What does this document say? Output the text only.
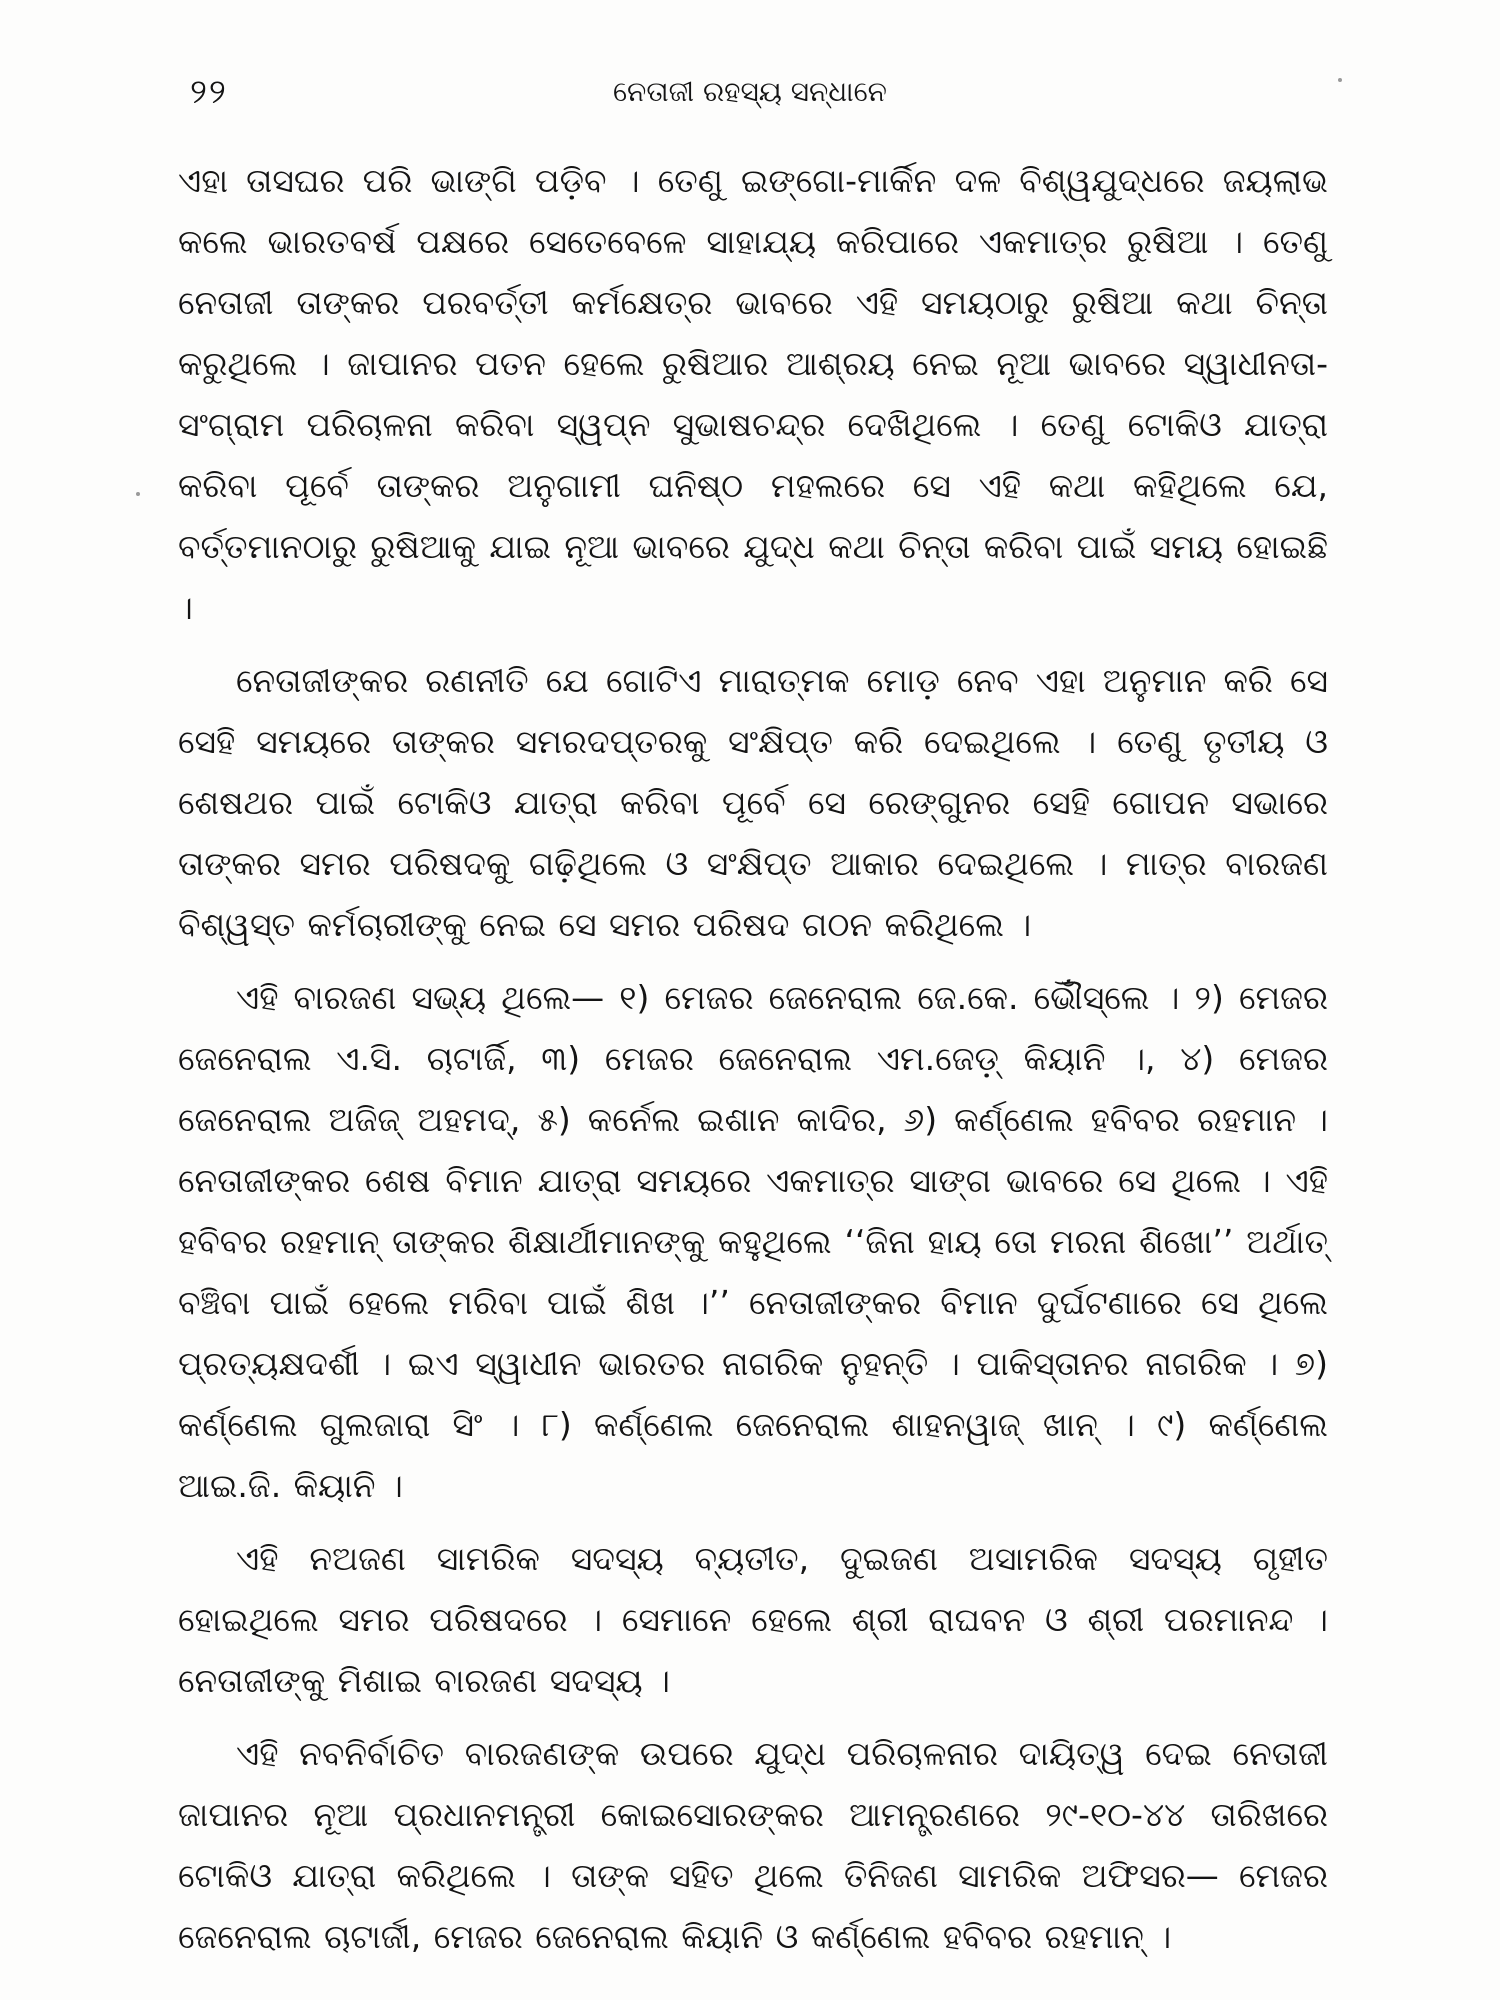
୨୨	ନେତାଜୀ ରହସ୍ୟ ସନ୍ଧାନେ

ଏହା ତାସଘର ପରି ଭାଙ୍ଗି ପଡ଼ିବ । ତେଣୁ ଇଙ୍ଗୋ-ମାର୍କିନ ଦଳ ବିଶ୍ୱଯୁଦ୍ଧରେ ଜୟଲାଭ କଲେ ଭାରତବର୍ଷ ପକ୍ଷରେ ସେତେବେଳେ ସାହାଯ୍ୟ କରିପାରେ ଏକମାତ୍ର ରୁଷିଆ । ତେଣୁ ନେତାଜୀ ତାଙ୍କର ପରବର୍ତ୍ତୀ କର୍ମକ୍ଷେତ୍ର ଭାବରେ ଏହି ସମୟଠାରୁ ରୁଷିଆ କଥା ଚିନ୍ତା କରୁଥିଲେ । ଜାପାନର ପତନ ହେଲେ ରୁଷିଆର ଆଶ୍ରୟ ନେଇ ନୂଆ ଭାବରେ ସ୍ୱାଧୀନତା-ସଂଗ୍ରାମ ପରିଚାଳନା କରିବା ସ୍ୱପ୍ନ ସୁଭାଷଚନ୍ଦ୍ର ଦେଖିଥିଲେ । ତେଣୁ ଟୋକିଓ ଯାତ୍ରା କରିବା ପୂର୍ବେ ତାଙ୍କର ଅନୁଗାମୀ ଘନିଷ୍ଠ ମହଲରେ ସେ ଏହି କଥା କହିଥିଲେ ଯେ, ବର୍ତ୍ତମାନଠାରୁ ରୁଷିଆକୁ ଯାଇ ନୂଆ ଭାବରେ ଯୁଦ୍ଧ କଥା ଚିନ୍ତା କରିବା ପାଇଁ ସମୟ ହୋଇଛି ।

ନେତାଜୀଙ୍କର ରଣନୀତି ଯେ ଗୋଟିଏ ମାରାତ୍ମକ ମୋଡ଼ ନେବ ଏହା ଅନୁମାନ କରି ସେ ସେହି ସମୟରେ ତାଙ୍କର ସମରଦପ୍ତରକୁ ସଂକ୍ଷିପ୍ତ କରି ଦେଇଥିଲେ । ତେଣୁ ତୃତୀୟ ଓ ଶେଷଥର ପାଇଁ ଟୋକିଓ ଯାତ୍ରା କରିବା ପୂର୍ବେ ସେ ରେଙ୍ଗୁନର ସେହି ଗୋପନ ସଭାରେ ତାଙ୍କର ସମର ପରିଷଦକୁ ଗଢ଼ିଥିଲେ ଓ ସଂକ୍ଷିପ୍ତ ଆକାର ଦେଇଥିଲେ । ମାତ୍ର ବାରଜଣ ବିଶ୍ୱସ୍ତ କର୍ମଚାରୀଙ୍କୁ ନେଇ ସେ ସମର ପରିଷଦ ଗଠନ କରିଥିଲେ ।

ଏହି ବାରଜଣ ସଭ୍ୟ ଥିଲେ— ୧) ମେଜର ଜେନେରାଲ ଜେ.କେ. ଭୌଁସ୍‌ଲେ । ୨) ମେଜର ଜେନେରାଲ ଏ.ସି. ଚାଟାର୍ଜି, ୩) ମେଜର ଜେନେରାଲ ଏମ.ଜେଡ଼୍ କିୟାନି ।, ୪) ମେଜର ଜେନେରାଲ ଅଜିଜ୍ ଅହମଦ୍, ୫) କର୍ନେଲ ଇଶାନ କାଦିର, ୬) କର୍ଣ୍ଣେଲ ହବିବର ରହମାନ । ନେତାଜୀଙ୍କର ଶେଷ ବିମାନ ଯାତ୍ରା ସମୟରେ ଏକମାତ୍ର ସାଙ୍ଗ ଭାବରେ ସେ ଥିଲେ । ଏହି ହବିବର ରହମାନ୍ ତାଙ୍କର ଶିକ୍ଷାର୍ଥୀମାନଙ୍କୁ କହୁଥିଲେ ‘‘ଜିନା ହାୟ ତୋ ମରନା ଶିଖୋ’’ ଅର୍ଥାତ୍ ବଞ୍ଚିବା ପାଇଁ ହେଲେ ମରିବା ପାଇଁ ଶିଖ ।’’ ନେତାଜୀଙ୍କର ବିମାନ ଦୁର୍ଘଟଣାରେ ସେ ଥିଲେ ପ୍ରତ୍ୟକ୍ଷଦର୍ଶୀ । ଇଏ ସ୍ୱାଧୀନ ଭାରତର ନାଗରିକ ନୁହନ୍ତି । ପାକିସ୍ତାନର ନାଗରିକ । ୭) କର୍ଣ୍ଣେଲ ଗୁଲଜାରା ସିଂ । ୮) କର୍ଣ୍ଣେଲ ଜେନେରାଲ ଶାହନୱାଜ୍ ଖାନ୍ । ୯) କର୍ଣ୍ଣେଲ ଆଇ.ଜି. କିୟାନି ।

ଏହି ନଅଜଣ ସାମରିକ ସଦସ୍ୟ ବ୍ୟତୀତ, ଦୁଇଜଣ ଅସାମରିକ ସଦସ୍ୟ ଗୃହୀତ ହୋଇଥିଲେ ସମର ପରିଷଦରେ । ସେମାନେ ହେଲେ ଶ୍ରୀ ରାଘବନ ଓ ଶ୍ରୀ ପରମାନନ୍ଦ । ନେତାଜୀଙ୍କୁ ମିଶାଇ ବାରଜଣ ସଦସ୍ୟ ।

ଏହି ନବନିର୍ବାଚିତ ବାରଜଣଙ୍କ ଉପରେ ଯୁଦ୍ଧ ପରିଚାଳନାର ଦାୟିତ୍ୱ ଦେଇ ନେତାଜୀ ଜାପାନର ନୂଆ ପ୍ରଧାନମନ୍ତ୍ରୀ କୋଇସୋରଙ୍କର ଆମନ୍ତ୍ରଣରେ ୨୯-୧୦-୪୪ ତାରିଖରେ ଟୋକିଓ ଯାତ୍ରା କରିଥିଲେ । ତାଙ୍କ ସହିତ ଥିଲେ ତିନିଜଣ ସାମରିକ ଅଫିସର— ମେଜର ଜେନେରାଲ ଚାଟାର୍ଜୀ, ମେଜର ଜେନେରାଲ କିୟାନି ଓ କର୍ଣ୍ଣେଲ ହବିବର ରହମାନ୍ ।
